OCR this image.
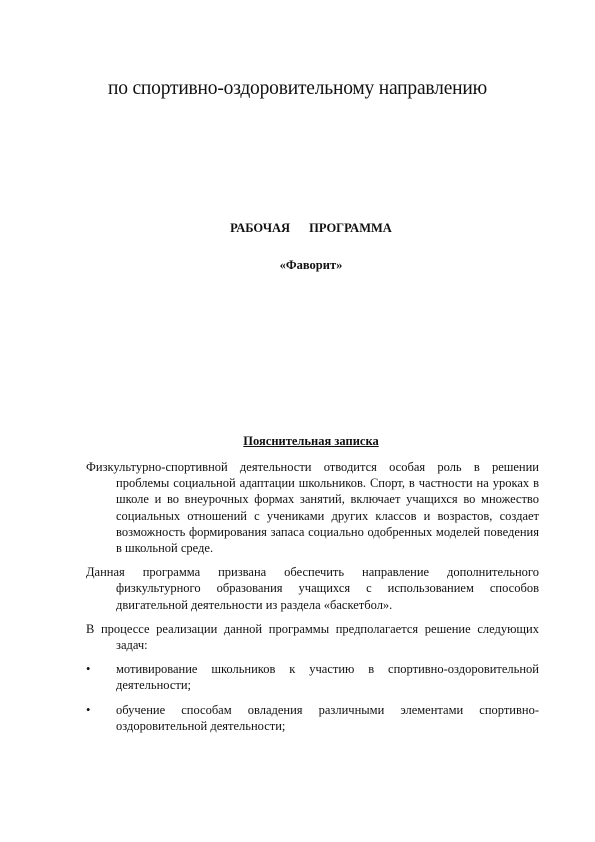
по спортивно-оздоровительному направлению
РАБОЧАЯ ПРОГРАММА
«Фаворит»
Пояснительная записка

Физкультурно-спортивной деятельности отводится особая роль в решении проблемы социальной адаптации школьников. Спорт, в частности на уроках в школе и во внеурочных формах занятий, включает учащихся во множество социальных отношений с учениками других классов и возрастов, создает возможность формирования запаса социально одобренных моделей поведения в школьной среде.

Данная программа призвана обеспечить направление дополнительного физкультурного образования учащихся с использованием способов двигательной деятельности из раздела «баскетбол».

В процессе реализации данной программы предполагается решение следующих задач:

•	мотивирование школьников к участию в спортивно-оздоровительной деятельности;
•	обучение способам овладения различными элементами спортивно-оздоровительной деятельности;
